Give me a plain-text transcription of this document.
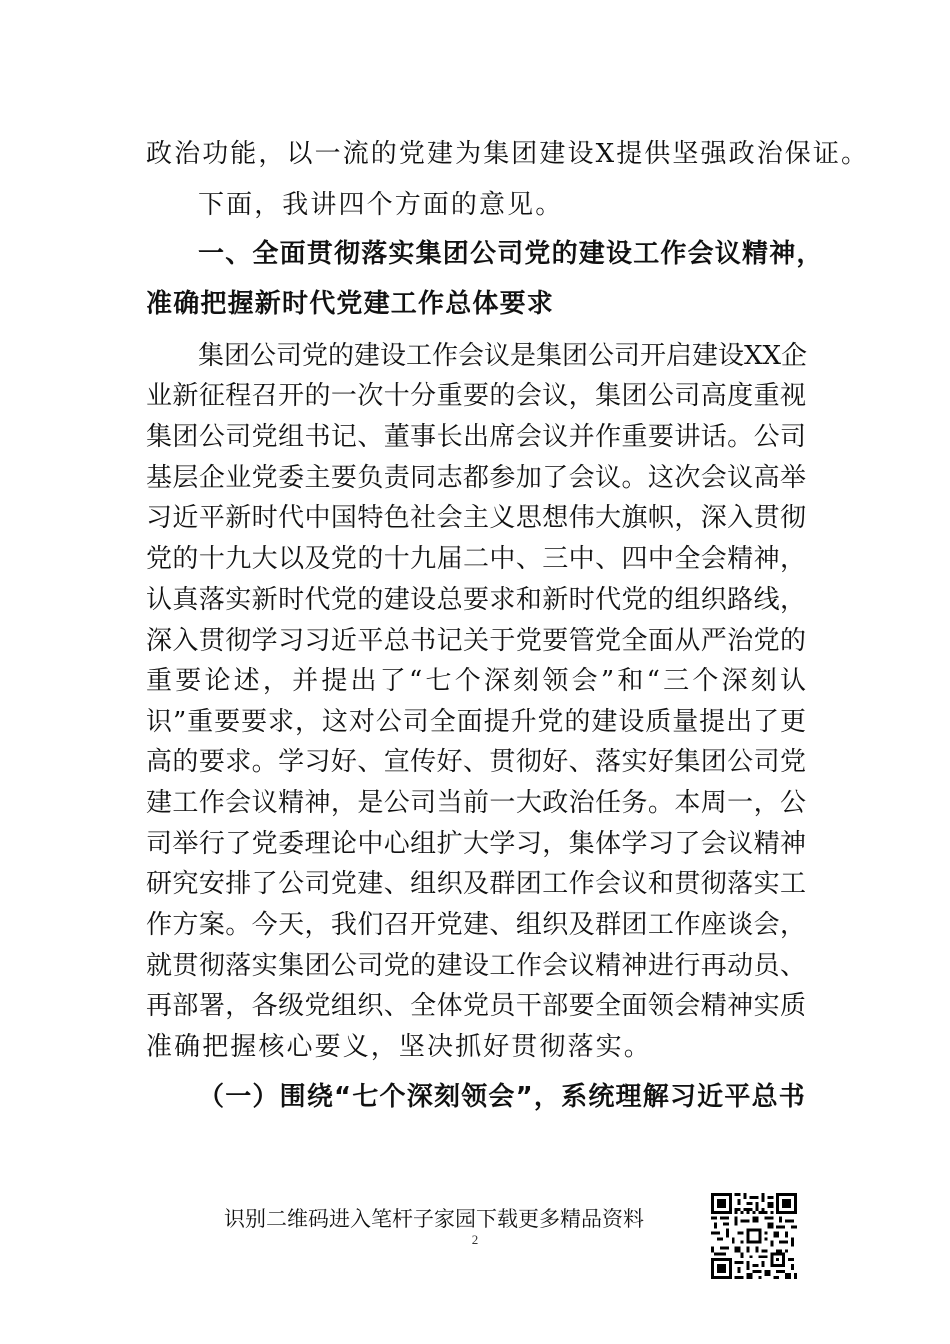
政治功能，以一流的党建为集团建设X提供坚强政治保证。
下面，我讲四个方面的意见。
一、全面贯彻落实集团公司党的建设工作会议精神，
准确把握新时代党建工作总体要求
集团公司党的建设工作会议是集团公司开启建设XX企
业新征程召开的一次十分重要的会议，集团公司高度重视
集团公司党组书记、董事长出席会议并作重要讲话。公司
基层企业党委主要负责同志都参加了会议。这次会议高举
习近平新时代中国特色社会主义思想伟大旗帜，深入贯彻
党的十九大以及党的十九届二中、三中、四中全会精神，
认真落实新时代党的建设总要求和新时代党的组织路线，
深入贯彻学习习近平总书记关于党要管党全面从严治党的
重要论述，并提出了“七个深刻领会”和“三个深刻认
识”重要要求，这对公司全面提升党的建设质量提出了更
高的要求。学习好、宣传好、贯彻好、落实好集团公司党
建工作会议精神，是公司当前一大政治任务。本周一，公
司举行了党委理论中心组扩大学习，集体学习了会议精神
研究安排了公司党建、组织及群团工作会议和贯彻落实工
作方案。今天，我们召开党建、组织及群团工作座谈会，
就贯彻落实集团公司党的建设工作会议精神进行再动员、
再部署，各级党组织、全体党员干部要全面领会精神实质
准确把握核心要义，坚决抓好贯彻落实。
（一）围绕“七个深刻领会”，系统理解习近平总书
识别二维码进入笔杆子家园下载更多精品资料
2
